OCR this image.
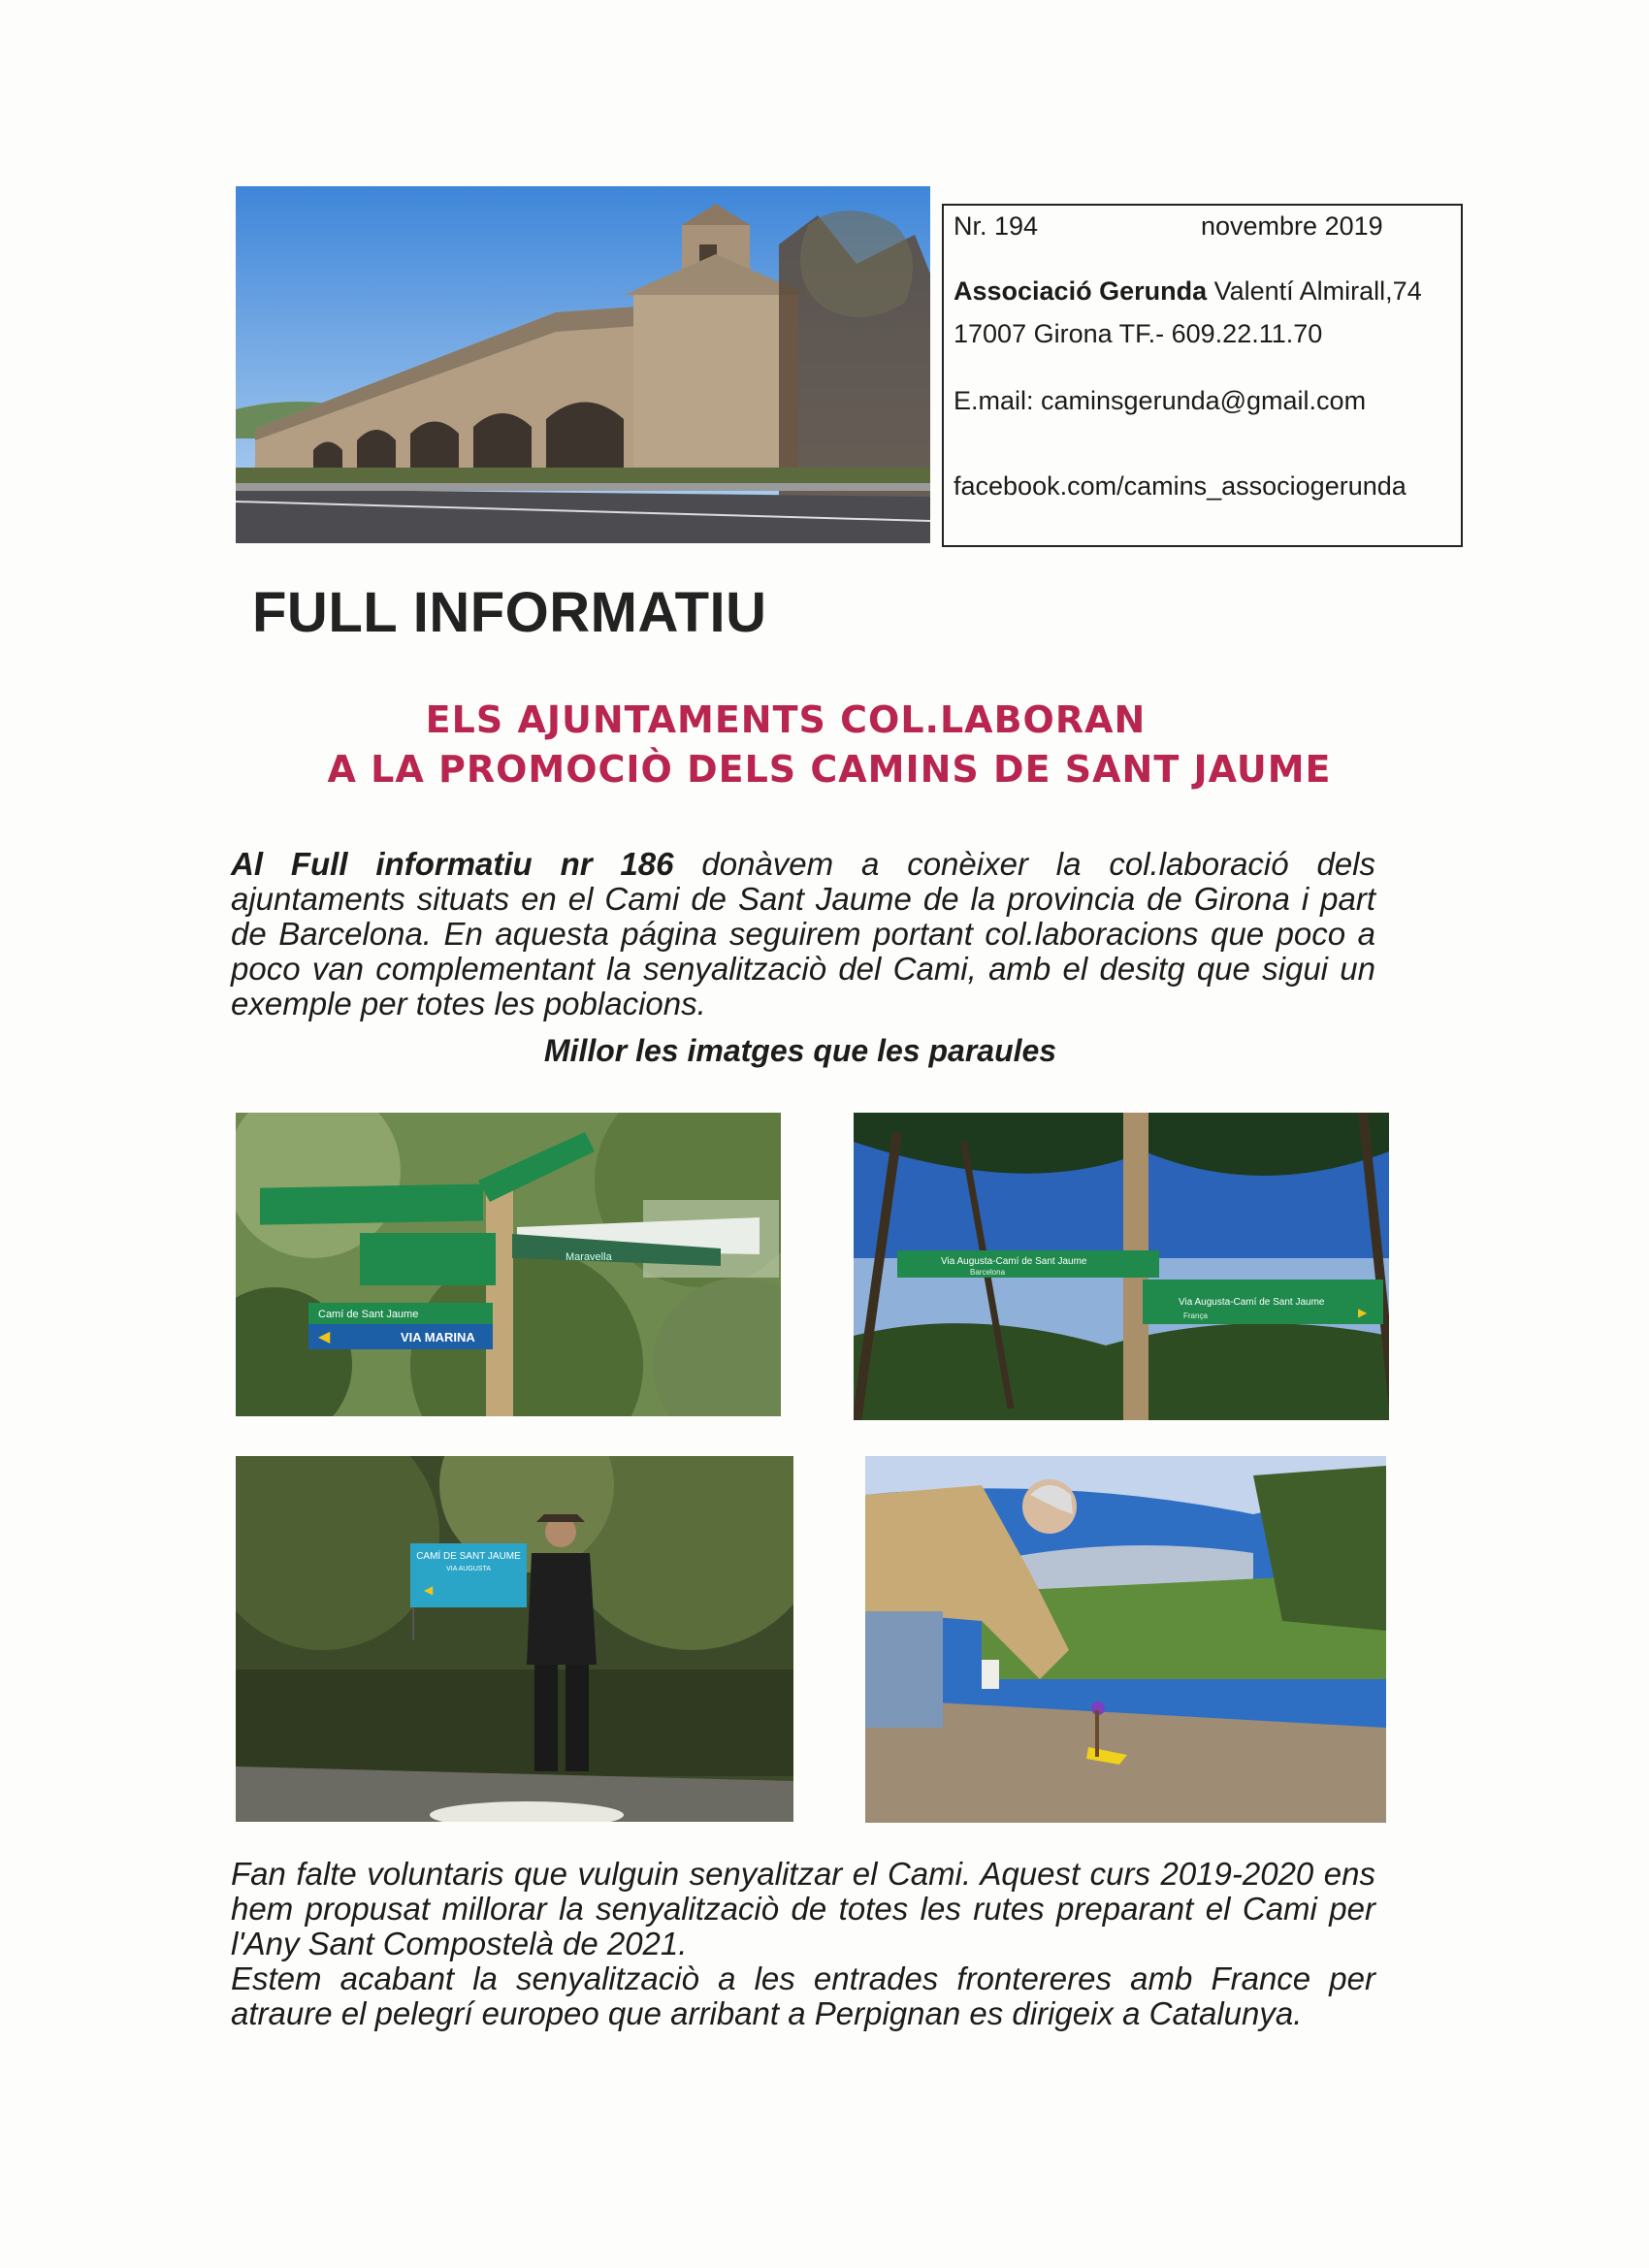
Nr. 194	novembre 2019
Associació Gerunda Valentí Almirall,74
17007 Girona TF.- 609.22.11.70
E.mail: caminsgerunda@gmail.com
facebook.com/camins_associogerunda
FULL INFORMATIU
ELS AJUNTAMENTS COL.LABORAN
A LA PROMOCIÒ DELS CAMINS DE SANT JAUME
Al Full informatiu nr 186 donàvem a conèixer la col.laboració dels
ajuntaments situats en el Cami de Sant Jaume de la provincia de Girona i part
de Barcelona. En aquesta página seguirem portant col.laboracions que poco a
poco van complementant la senyalitzaciò del Cami, amb el desitg que sigui un
exemple per totes les poblacions.
Millor les imatges que les paraules
Camí de Sant Jaume
VIA MARINA
◀
Maravella	Via Augusta-Camí de Sant Jaume
Barcelona
Via Augusta-Camí de Sant Jaume
França	▶
CAMÍ DE SANT JAUME
VIA AUGUSTA
◀
Fan falte voluntaris que vulguin senyalitzar el Cami. Aquest curs 2019-2020 ens
hem propusat millorar la senyalitzaciò de totes les rutes preparant el Cami per
l'Any Sant Compostelà de 2021.
Estem acabant la senyalitzaciò a les entrades frontereres amb France per
atraure el pelegrí europeo que arribant a Perpignan es dirigeix a Catalunya.
